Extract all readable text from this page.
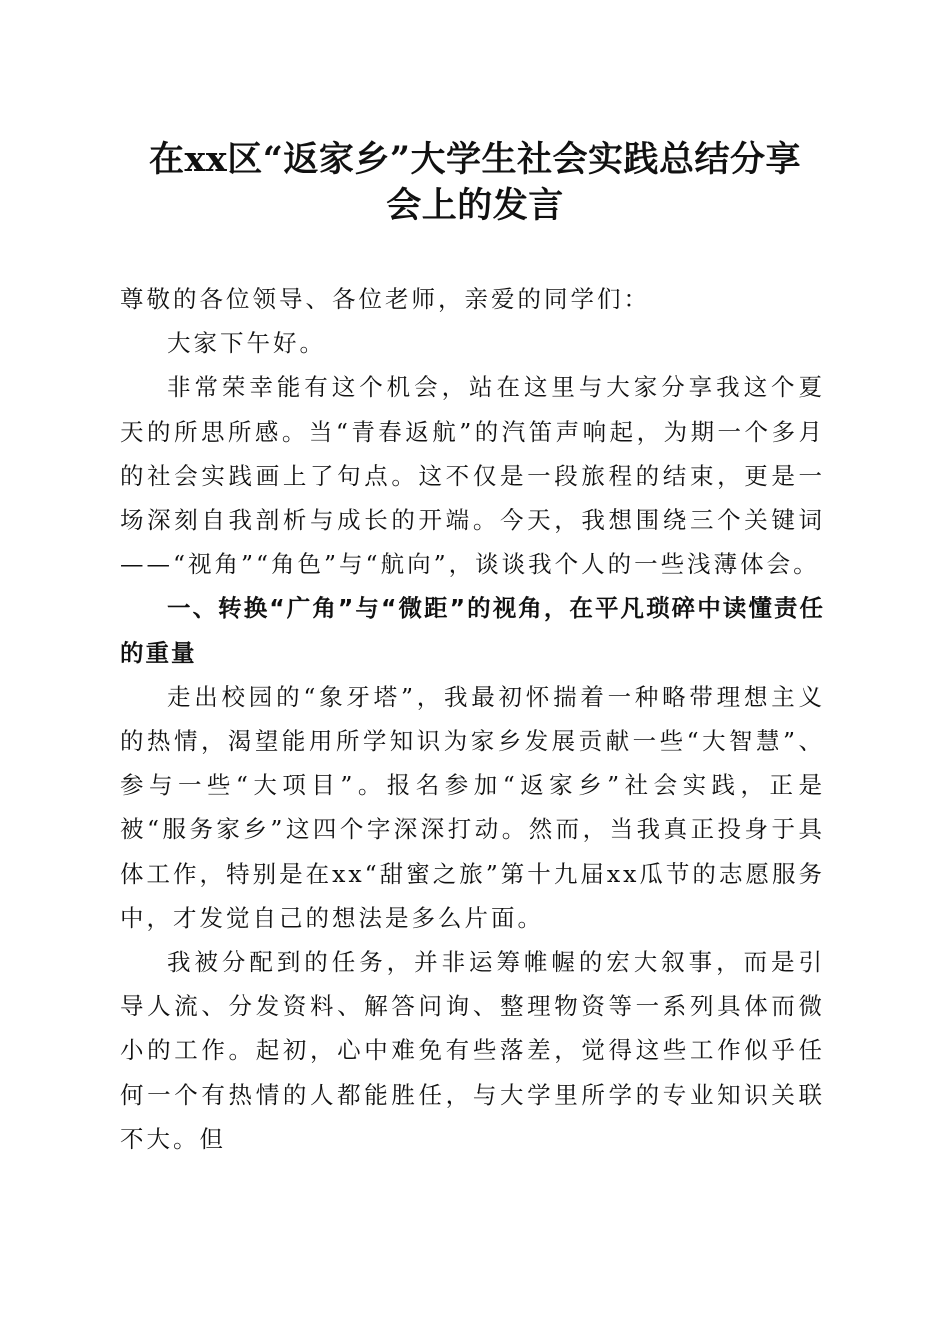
在xx区“返家乡”大学生社会实践总结分享
会上的发言

尊敬的各位领导、各位老师，亲爱的同学们：

大家下午好。

非常荣幸能有这个机会，站在这里与大家分享我这个夏天的所思所感。当“青春返航”的汽笛声响起，为期一个多月的社会实践画上了句点。这不仅是一段旅程的结束，更是一场深刻自我剖析与成长的开端。今天，我想围绕三个关键词——“视角”“角色”与“航向”，谈谈我个人的一些浅薄体会。

一、转换“广角”与“微距”的视角，在平凡琐碎中读懂责任的重量

走出校园的“象牙塔”，我最初怀揣着一种略带理想主义的热情，渴望能用所学知识为家乡发展贡献一些“大智慧”、参与一些“大项目”。报名参加“返家乡”社会实践，正是被“服务家乡”这四个字深深打动。然而，当我真正投身于具体工作，特别是在xx“甜蜜之旅”第十九届xx瓜节的志愿服务中，才发觉自己的想法是多么片面。

我被分配到的任务，并非运筹帷幄的宏大叙事，而是引导人流、分发资料、解答问询、整理物资等一系列具体而微小的工作。起初，心中难免有些落差，觉得这些工作似乎任何一个有热情的人都能胜任，与大学里所学的专业知识关联不大。但
